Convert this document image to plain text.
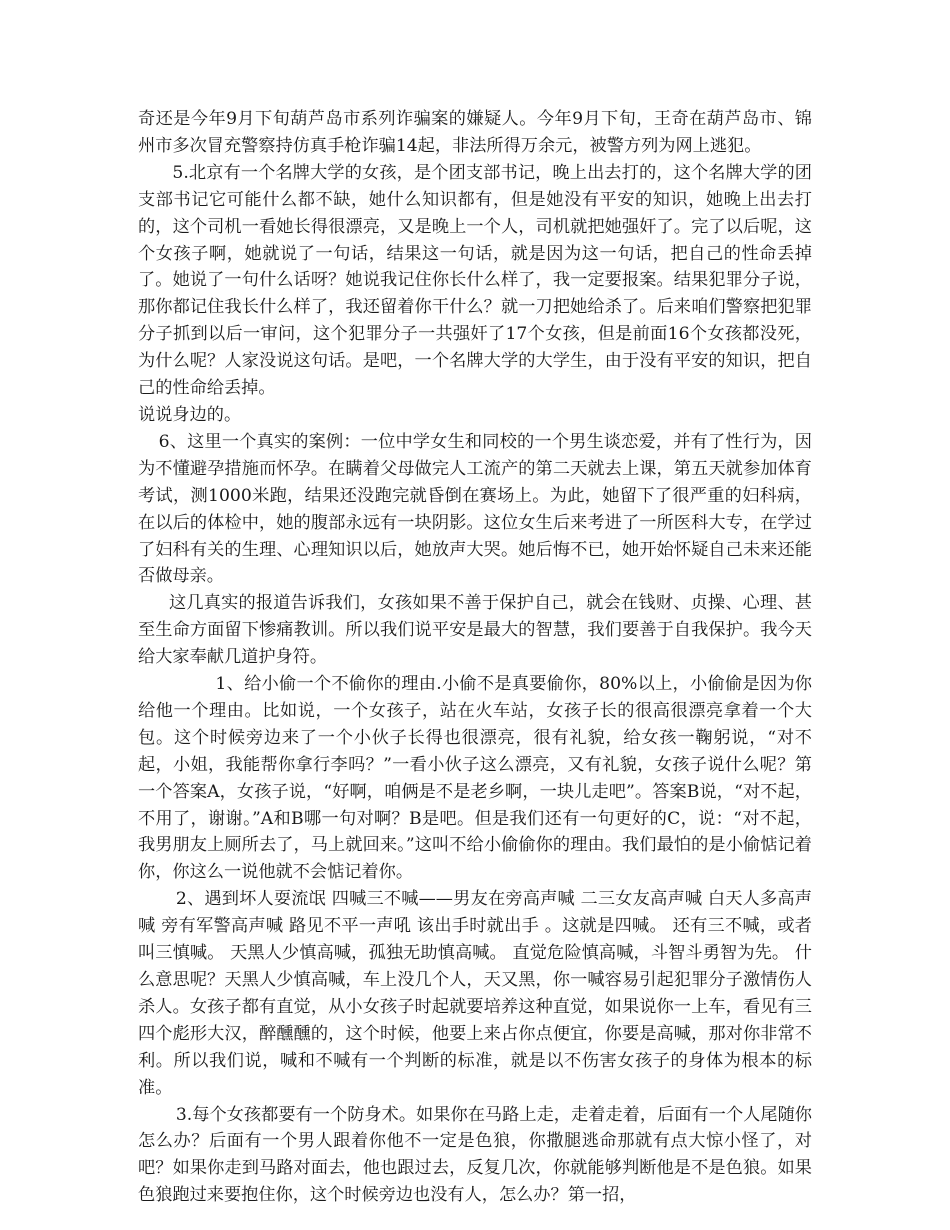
奇还是今年9月下旬葫芦岛市系列诈骗案的嫌疑人。今年9月下旬，王奇在葫芦岛市、锦州市多次冒充警察持仿真手枪诈骗14起，非法所得万余元，被警方列为网上逃犯。

5.北京有一个名牌大学的女孩，是个团支部书记，晚上出去打的，这个名牌大学的团支部书记它可能什么都不缺，她什么知识都有，但是她没有平安的知识，她晚上出去打的，这个司机一看她长得很漂亮，又是晚上一个人，司机就把她强奸了。完了以后呢，这个女孩子啊，她就说了一句话，结果这一句话，就是因为这一句话，把自己的性命丢掉了。她说了一句什么话呀？她说我记住你长什么样了，我一定要报案。结果犯罪分子说，那你都记住我长什么样了，我还留着你干什么？就一刀把她给杀了。后来咱们警察把犯罪分子抓到以后一审问，这个犯罪分子一共强奸了17个女孩，但是前面16个女孩都没死，为什么呢？人家没说这句话。是吧，一个名牌大学的大学生，由于没有平安的知识，把自己的性命给丢掉。

说说身边的。

6、这里一个真实的案例：一位中学女生和同校的一个男生谈恋爱，并有了性行为，因为不懂避孕措施而怀孕。在瞒着父母做完人工流产的第二天就去上课，第五天就参加体育考试，测1000米跑，结果还没跑完就昏倒在赛场上。为此，她留下了很严重的妇科病，在以后的体检中，她的腹部永远有一块阴影。这位女生后来考进了一所医科大专，在学过了妇科有关的生理、心理知识以后，她放声大哭。她后悔不已，她开始怀疑自己未来还能否做母亲。

这几真实的报道告诉我们，女孩如果不善于保护自己，就会在钱财、贞操、心理、甚至生命方面留下惨痛教训。所以我们说平安是最大的智慧，我们要善于自我保护。我今天给大家奉献几道护身符。

1、给小偷一个不偷你的理由.小偷不是真要偷你，80%以上，小偷偷是因为你给他一个理由。比如说，一个女孩子，站在火车站，女孩子长的很高很漂亮拿着一个大包。这个时候旁边来了一个小伙子长得也很漂亮，很有礼貌，给女孩一鞠躬说，“对不起，小姐，我能帮你拿行李吗？”一看小伙子这么漂亮，又有礼貌，女孩子说什么呢？第一个答案A，女孩子说，“好啊，咱俩是不是老乡啊，一块儿走吧”。答案B说，“对不起，不用了，谢谢。”A和B哪一句对啊？B是吧。但是我们还有一句更好的C，说：“对不起，我男朋友上厕所去了，马上就回来。”这叫不给小偷偷你的理由。我们最怕的是小偷惦记着你，你这么一说他就不会惦记着你。

2、遇到坏人耍流氓 四喊三不喊——男友在旁高声喊 二三女友高声喊 白天人多高声喊 旁有军警高声喊 路见不平一声吼 该出手时就出手 。这就是四喊。 还有三不喊，或者叫三慎喊。 天黑人少慎高喊，孤独无助慎高喊。 直觉危险慎高喊，斗智斗勇智为先。 什么意思呢？天黑人少慎高喊，车上没几个人，天又黑，你一喊容易引起犯罪分子激情伤人杀人。女孩子都有直觉，从小女孩子时起就要培养这种直觉，如果说你一上车，看见有三四个彪形大汉，醉醺醺的，这个时候，他要上来占你点便宜，你要是高喊，那对你非常不利。所以我们说，喊和不喊有一个判断的标准，就是以不伤害女孩子的身体为根本的标准。

3.每个女孩都要有一个防身术。如果你在马路上走，走着走着，后面有一个人尾随你怎么办？后面有一个男人跟着你他不一定是色狼，你撒腿逃命那就有点大惊小怪了，对吧？如果你走到马路对面去，他也跟过去，反复几次，你就能够判断他是不是色狼。如果色狼跑过来要抱住你，这个时候旁边也没有人，怎么办？第一招，
